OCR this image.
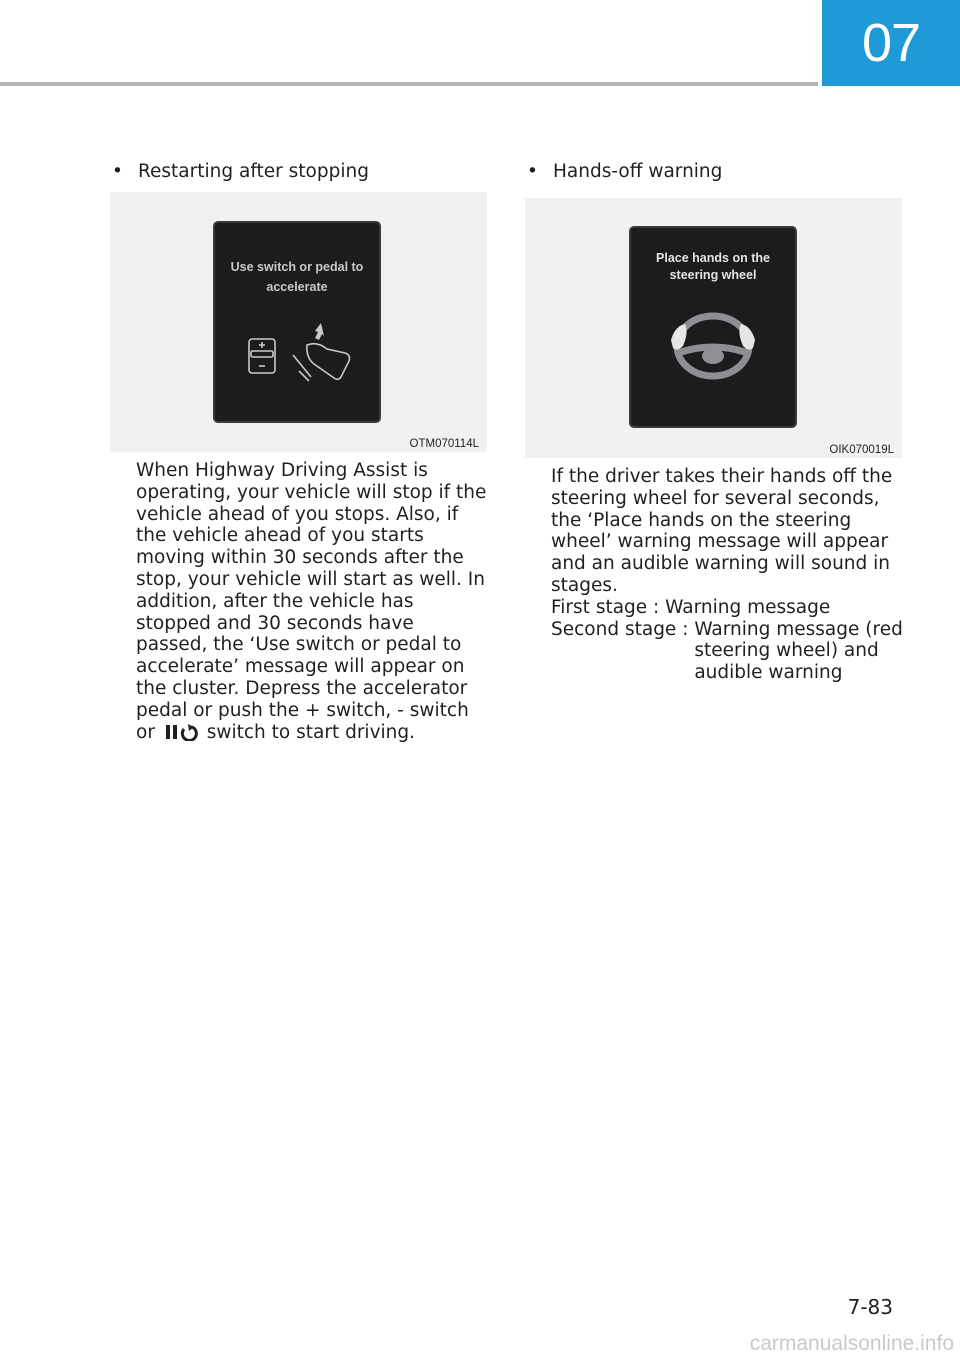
07
• Restarting after stopping
Use switch or pedal to accelerate
OTM070114L

When Highway Driving Assist is operating, your vehicle will stop if the vehicle ahead of you stops. Also, if the vehicle ahead of you starts moving within 30 seconds after the stop, your vehicle will start as well. In addition, after the vehicle has stopped and 30 seconds have passed, the ‘Use switch or pedal to accelerate’ message will appear on the cluster. Depress the accelerator pedal or push the + switch, - switch or	switch to start driving.

• Hands-off warning
Place hands on the steering wheel
OIK070019L

If the driver takes their hands off the steering wheel for several seconds, the ‘Place hands on the steering wheel’ warning message will appear and an audible warning will sound in stages.

First stage : Warning message
Second stage : Warning message (red steering wheel) and audible warning
7-83
carmanualsonline.info
